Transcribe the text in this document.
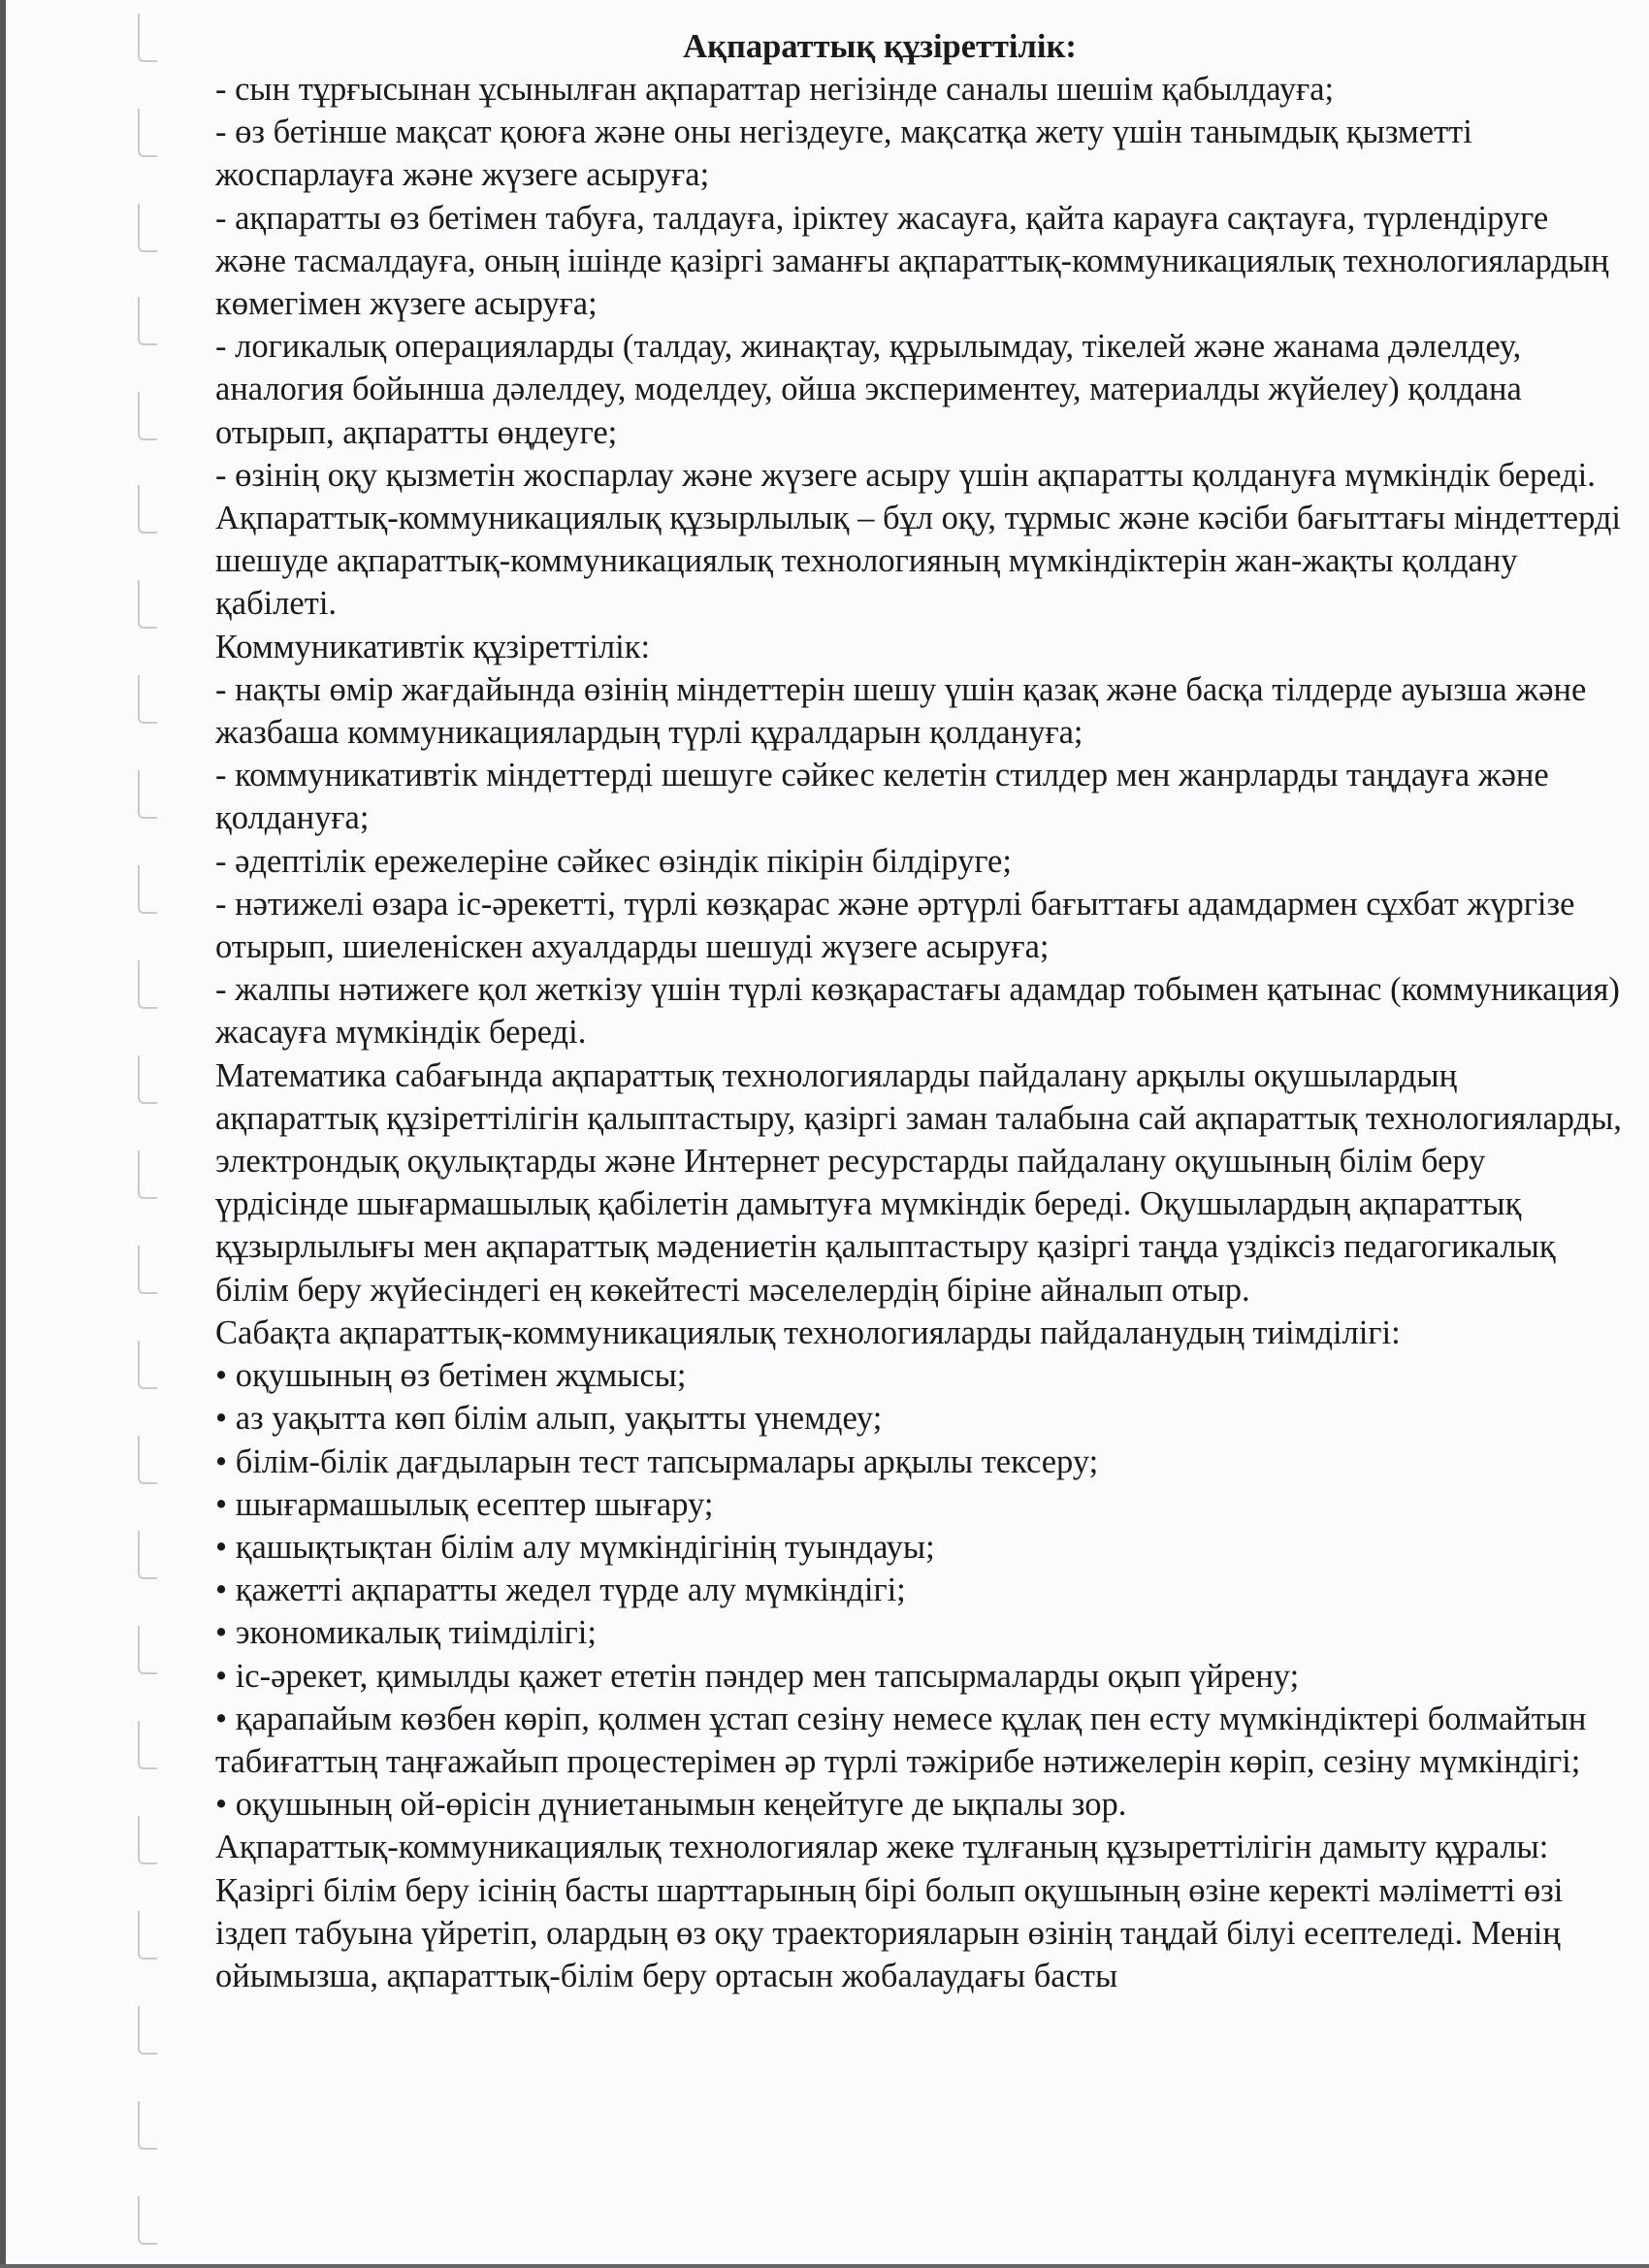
Ақпараттық құзіреттілік:

- сын тұрғысынан ұсынылған ақпараттар негізінде саналы шешім қабылдауға;

- өз бетінше мақсат қоюға және оны негіздеуге, мақсатқа жету үшін танымдық қызметті жоспарлауға және жүзеге асыруға;

- ақпаратты өз бетімен табуға, талдауға, іріктеу жасауға, қайта карауға сақтауға, түрлендіруге және тасмалдауға, оның ішінде қазіргі заманғы ақпараттық-коммуникациялық технологиялардың көмегімен жүзеге асыруға;

- логикалық операцияларды (талдау, жинақтау, құрылымдау, тікелей және жанама дәлелдеу, аналогия бойынша дәлелдеу, моделдеу, ойша экспериментеу, материалды жүйелеу) қолдана отырып, ақпаратты өңдеуге;

- өзінің оқу қызметін жоспарлау және жүзеге асыру үшін ақпаратты қолдануға мүмкіндік береді.

Ақпараттық-коммуникациялық құзырлылық – бұл оқу, тұрмыс және кәсіби бағыттағы міндеттерді шешуде ақпараттық-коммуникациялық технологияның мүмкіндіктерін жан-жақты қолдану қабілеті.

Коммуникативтік құзіреттілік:

- нақты өмір жағдайында өзінің міндеттерін шешу үшін қазақ және басқа тілдерде ауызша және жазбаша коммуникациялардың түрлі құралдарын қолдануға;

- коммуникативтік міндеттерді шешуге сәйкес келетін стилдер мен жанрларды таңдауға және қолдануға;

- әдептілік ережелеріне сәйкес өзіндік пікірін білдіруге;

- нәтижелі өзара іс-әрекетті, түрлі көзқарас және әртүрлі бағыттағы адамдармен сұхбат жүргізе отырып, шиеленіскен ахуалдарды шешуді жүзеге асыруға;

- жалпы нәтижеге қол жеткізу үшін түрлі көзқарастағы адамдар тобымен қатынас (коммуникация) жасауға мүмкіндік береді.

Математика сабағында ақпараттық технологияларды пайдалану арқылы оқушылардың ақпараттық құзіреттілігін қалыптастыру, қазіргі заман талабына сай ақпараттық технологияларды, электрондық оқулықтарды және Интернет ресурстарды пайдалану оқушының білім беру үрдісінде шығармашылық қабілетін дамытуға мүмкіндік береді. Оқушылардың ақпараттық құзырлылығы мен ақпараттық мәдениетін қалыптастыру қазіргі таңда үздіксіз педагогикалық білім беру жүйесіндегі ең көкейтесті мәселелердің біріне айналып отыр.

Сабақта ақпараттық-коммуникациялық технологияларды пайдаланудың тиімділігі:

• оқушының өз бетімен жұмысы;

• аз уақытта көп білім алып, уақытты үнемдеу;

• білім-білік дағдыларын тест тапсырмалары арқылы тексеру;

• шығармашылық есептер шығару;

• қашықтықтан білім алу мүмкіндігінің туындауы;

• қажетті ақпаратты жедел түрде алу мүмкіндігі;

• экономикалық тиімділігі;

• іс-әрекет, қимылды қажет ететін пәндер мен тапсырмаларды оқып үйрену;

• қарапайым көзбен көріп, қолмен ұстап сезіну немесе құлақ пен есту мүмкіндіктері болмайтын табиғаттың таңғажайып процестерімен әр түрлі тәжірибе нәтижелерін көріп, сезіну мүмкіндігі;

• оқушының ой-өрісін дүниетанымын кеңейтуге де ықпалы зор.

Ақпараттық-коммуникациялық технологиялар жеке тұлғаның құзыреттілігін дамыту құралы:

Қазіргі білім беру ісінің басты шарттарының бірі болып оқушының өзіне керекті мәліметті өзі іздеп табуына үйретіп, олардың өз оқу траекторияларын өзінің таңдай білуі есептеледі. Менің ойымызша, ақпараттық-білім беру ортасын жобалаудағы басты
